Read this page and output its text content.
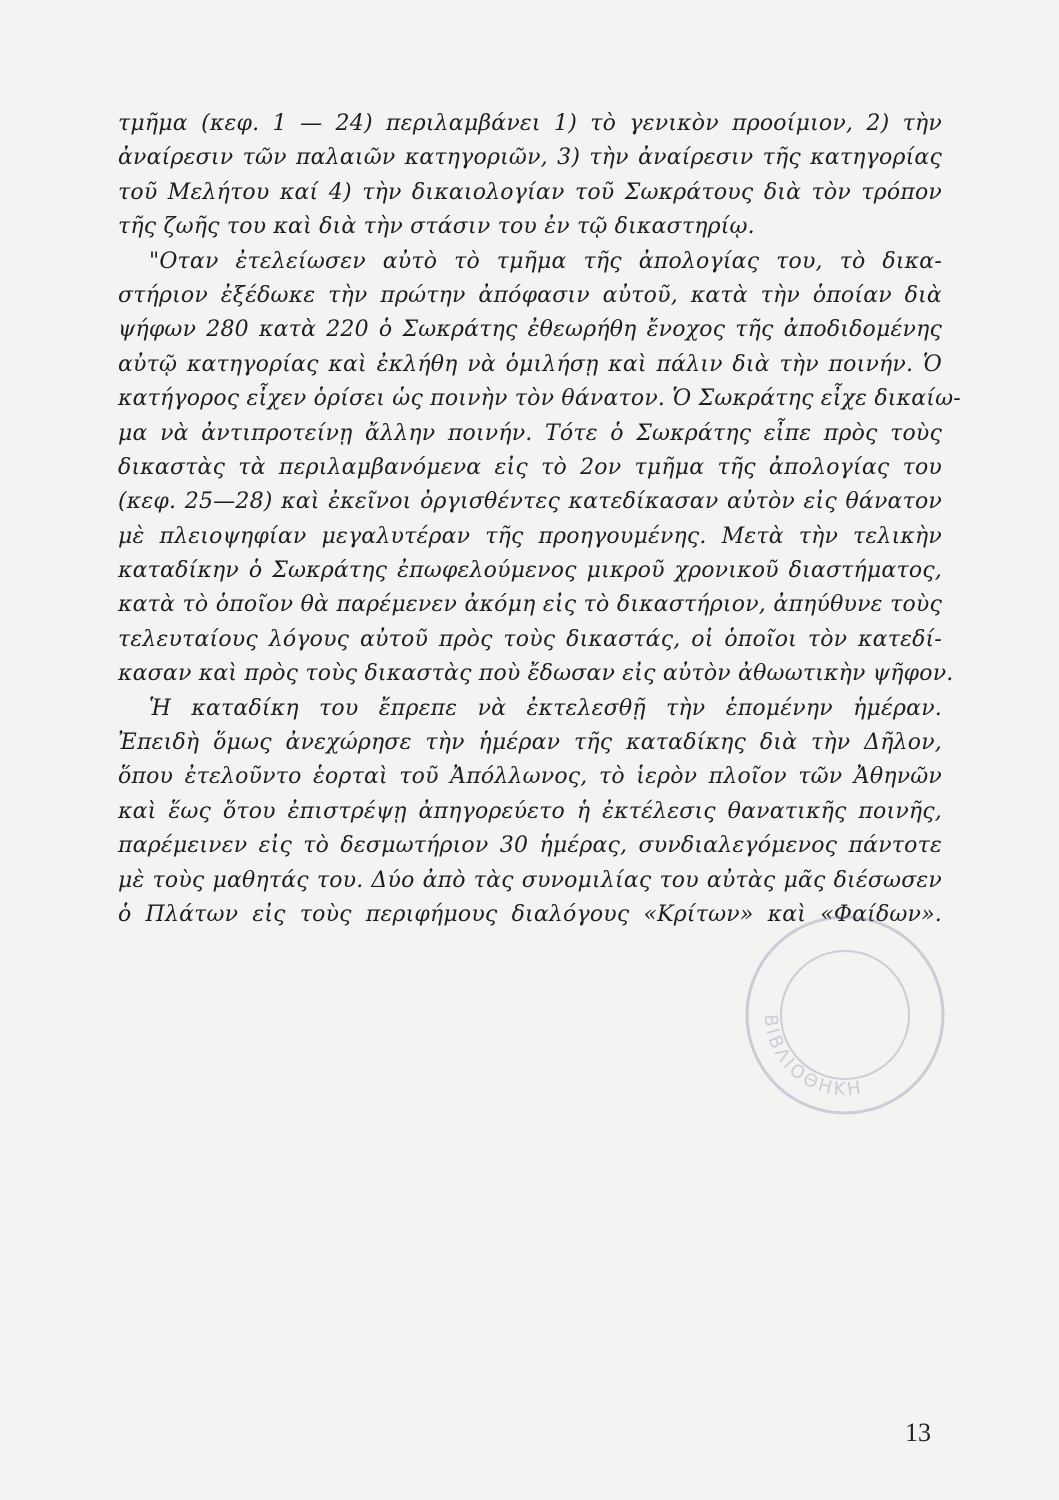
τμῆμα (κεφ. 1 — 24) περιλαμβάνει 1) τὸ γενικὸν προοίμιον, 2) τὴν
ἀναίρεσιν τῶν παλαιῶν κατηγοριῶν, 3) τὴν ἀναίρεσιν τῆς κατηγορίας
τοῦ Μελήτου καί 4) τὴν δικαιολογίαν τοῦ Σωκράτους διὰ τὸν τρόπον
τῆς ζωῆς του καὶ διὰ τὴν στάσιν του ἐν τῷ δικαστηρίῳ.
"Οταν ἐτελείωσεν αὐτὸ τὸ τμῆμα τῆς ἀπολογίας του, τὸ δικα-
στήριον ἐξέδωκε τὴν πρώτην ἀπόφασιν αὐτοῦ, κατὰ τὴν ὁποίαν διὰ
ψήφων 280 κατὰ 220 ὁ Σωκράτης ἐθεωρήθη ἔνοχος τῆς ἀποδιδομένης
αὐτῷ κατηγορίας καὶ ἐκλήθη νὰ ὁμιλήσῃ καὶ πάλιν διὰ τὴν ποινήν. Ὁ
κατήγορος εἶχεν ὁρίσει ὡς ποινὴν τὸν θάνατον. Ὁ Σωκράτης εἶχε δικαίω-
μα νὰ ἀντιπροτείνῃ ἄλλην ποινήν. Τότε ὁ Σωκράτης εἶπε πρὸς τοὺς
δικαστὰς τὰ περιλαμβανόμενα εἰς τὸ 2ον τμῆμα τῆς ἀπολογίας του
(κεφ. 25—28) καὶ ἐκεῖνοι ὀργισθέντες κατεδίκασαν αὐτὸν εἰς θάνατον
μὲ πλειοψηφίαν μεγαλυτέραν τῆς προηγουμένης. Μετὰ τὴν τελικὴν
καταδίκην ὁ Σωκράτης ἐπωφελούμενος μικροῦ χρονικοῦ διαστήματος,
κατὰ τὸ ὁποῖον θὰ παρέμενεν ἀκόμη εἰς τὸ δικαστήριον, ἀπηύθυνε τοὺς
τελευταίους λόγους αὐτοῦ πρὸς τοὺς δικαστάς, οἱ ὁποῖοι τὸν κατεδί-
κασαν καὶ πρὸς τοὺς δικαστὰς ποὺ ἔδωσαν εἰς αὐτὸν ἀθωωτικὴν ψῆφον.
Ἡ καταδίκη του ἔπρεπε νὰ ἐκτελεσθῇ τὴν ἑπομένην ἡμέραν.
Ἐπειδὴ ὅμως ἀνεχώρησε τὴν ἡμέραν τῆς καταδίκης διὰ τὴν Δῆλον,
ὅπου ἐτελοῦντο ἑορταὶ τοῦ Ἀπόλλωνος, τὸ ἱερὸν πλοῖον τῶν Ἀθηνῶν
καὶ ἕως ὅτου ἐπιστρέψῃ ἀπηγορεύετο ἡ ἐκτέλεσις θανατικῆς ποινῆς,
παρέμεινεν εἰς τὸ δεσμωτήριον 30 ἡμέρας, συνδιαλεγόμενος πάντοτε
μὲ τοὺς μαθητάς του. Δύο ἀπὸ τὰς συνομιλίας του αὐτὰς μᾶς διέσωσεν
ὁ Πλάτων εἰς τοὺς περιφήμους διαλόγους «Κρίτων» καὶ «Φαίδων».
ΒΙΒΛΙΟΘΗΚΗ
13
